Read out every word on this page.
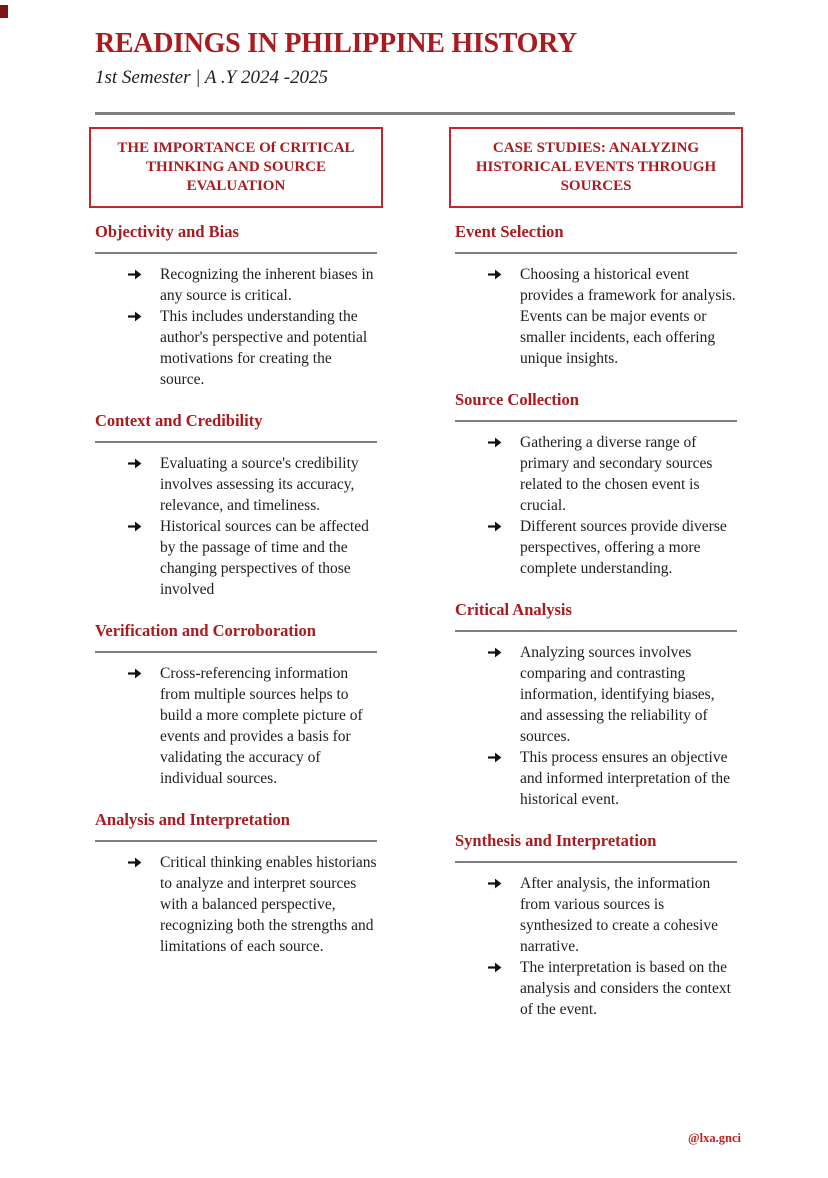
READINGS IN PHILIPPINE HISTORY
1st Semester | A .Y 2024 -2025
THE IMPORTANCE Of CRITICAL THINKING AND SOURCE EVALUATION
Objectivity and Bias
Recognizing the inherent biases in any source is critical.
This includes understanding the author's perspective and potential motivations for creating the source.
Context and Credibility
Evaluating a source's credibility involves assessing its accuracy, relevance, and timeliness.
Historical sources can be affected by the passage of time and the changing perspectives of those involved
Verification and Corroboration
Cross-referencing information from multiple sources helps to build a more complete picture of events and provides a basis for validating the accuracy of individual sources.
Analysis and Interpretation
Critical thinking enables historians to analyze and interpret sources with a balanced perspective, recognizing both the strengths and limitations of each source.
CASE STUDIES: ANALYZING HISTORICAL EVENTS THROUGH SOURCES
Event Selection
Choosing a historical event provides a framework for analysis. Events can be major events or smaller incidents, each offering unique insights.
Source Collection
Gathering a diverse range of primary and secondary sources related to the chosen event is crucial.
Different sources provide diverse perspectives, offering a more complete understanding.
Critical Analysis
Analyzing sources involves comparing and contrasting information, identifying biases, and assessing the reliability of sources.
This process ensures an objective and informed interpretation of the historical event.
Synthesis and Interpretation
After analysis, the information from various sources is synthesized to create a cohesive narrative.
The interpretation is based on the analysis and considers the context of the event.
@lxa.gnci
